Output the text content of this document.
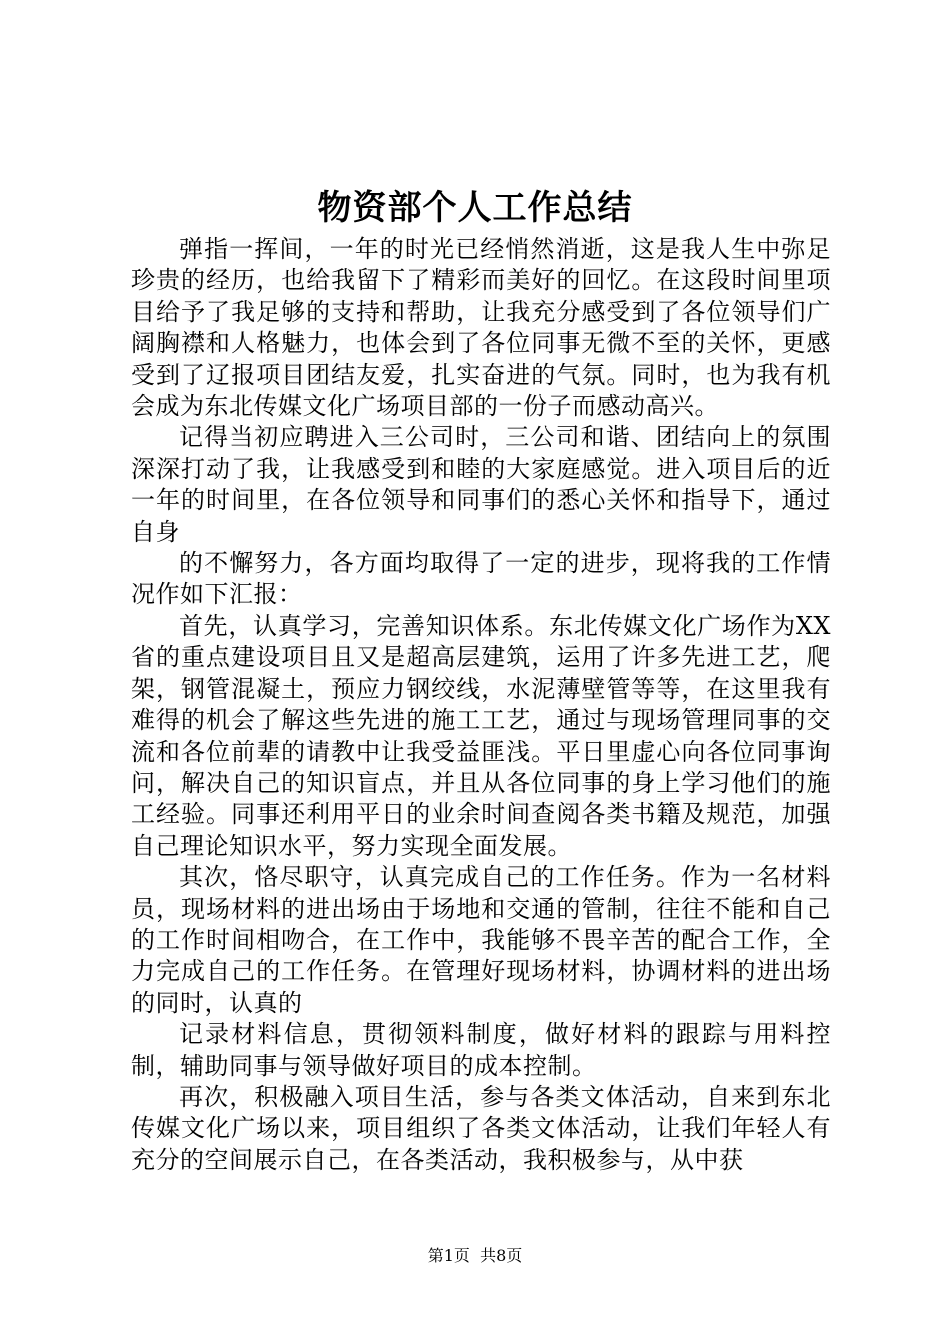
物资部个人工作总结

弹指一挥间，一年的时光已经悄然消逝，这是我人生中弥足珍贵的经历，也给我留下了精彩而美好的回忆。在这段时间里项目给予了我足够的支持和帮助，让我充分感受到了各位领导们广阔胸襟和人格魅力，也体会到了各位同事无微不至的关怀，更感受到了辽报项目团结友爱，扎实奋进的气氛。同时，也为我有机会成为东北传媒文化广场项目部的一份子而感动高兴。

记得当初应聘进入三公司时，三公司和谐、团结向上的氛围深深打动了我，让我感受到和睦的大家庭感觉。进入项目后的近一年的时间里，在各位领导和同事们的悉心关怀和指导下，通过自身

的不懈努力，各方面均取得了一定的进步，现将我的工作情况作如下汇报：

首先，认真学习，完善知识体系。东北传媒文化广场作为XX省的重点建设项目且又是超高层建筑，运用了许多先进工艺，爬架，钢管混凝土，预应力钢绞线，水泥薄壁管等等，在这里我有难得的机会了解这些先进的施工工艺，通过与现场管理同事的交流和各位前辈的请教中让我受益匪浅。平日里虚心向各位同事询问，解决自己的知识盲点，并且从各位同事的身上学习他们的施工经验。同事还利用平日的业余时间查阅各类书籍及规范，加强自己理论知识水平，努力实现全面发展。

其次，恪尽职守，认真完成自己的工作任务。作为一名材料员，现场材料的进出场由于场地和交通的管制，往往不能和自己的工作时间相吻合，在工作中，我能够不畏辛苦的配合工作，全力完成自己的工作任务。在管理好现场材料，协调材料的进出场的同时，认真的

记录材料信息，贯彻领料制度，做好材料的跟踪与用料控制，辅助同事与领导做好项目的成本控制。

再次，积极融入项目生活，参与各类文体活动，自来到东北传媒文化广场以来，项目组织了各类文体活动，让我们年轻人有充分的空间展示自己，在各类活动，我积极参与，从中获

第1页  共8页
